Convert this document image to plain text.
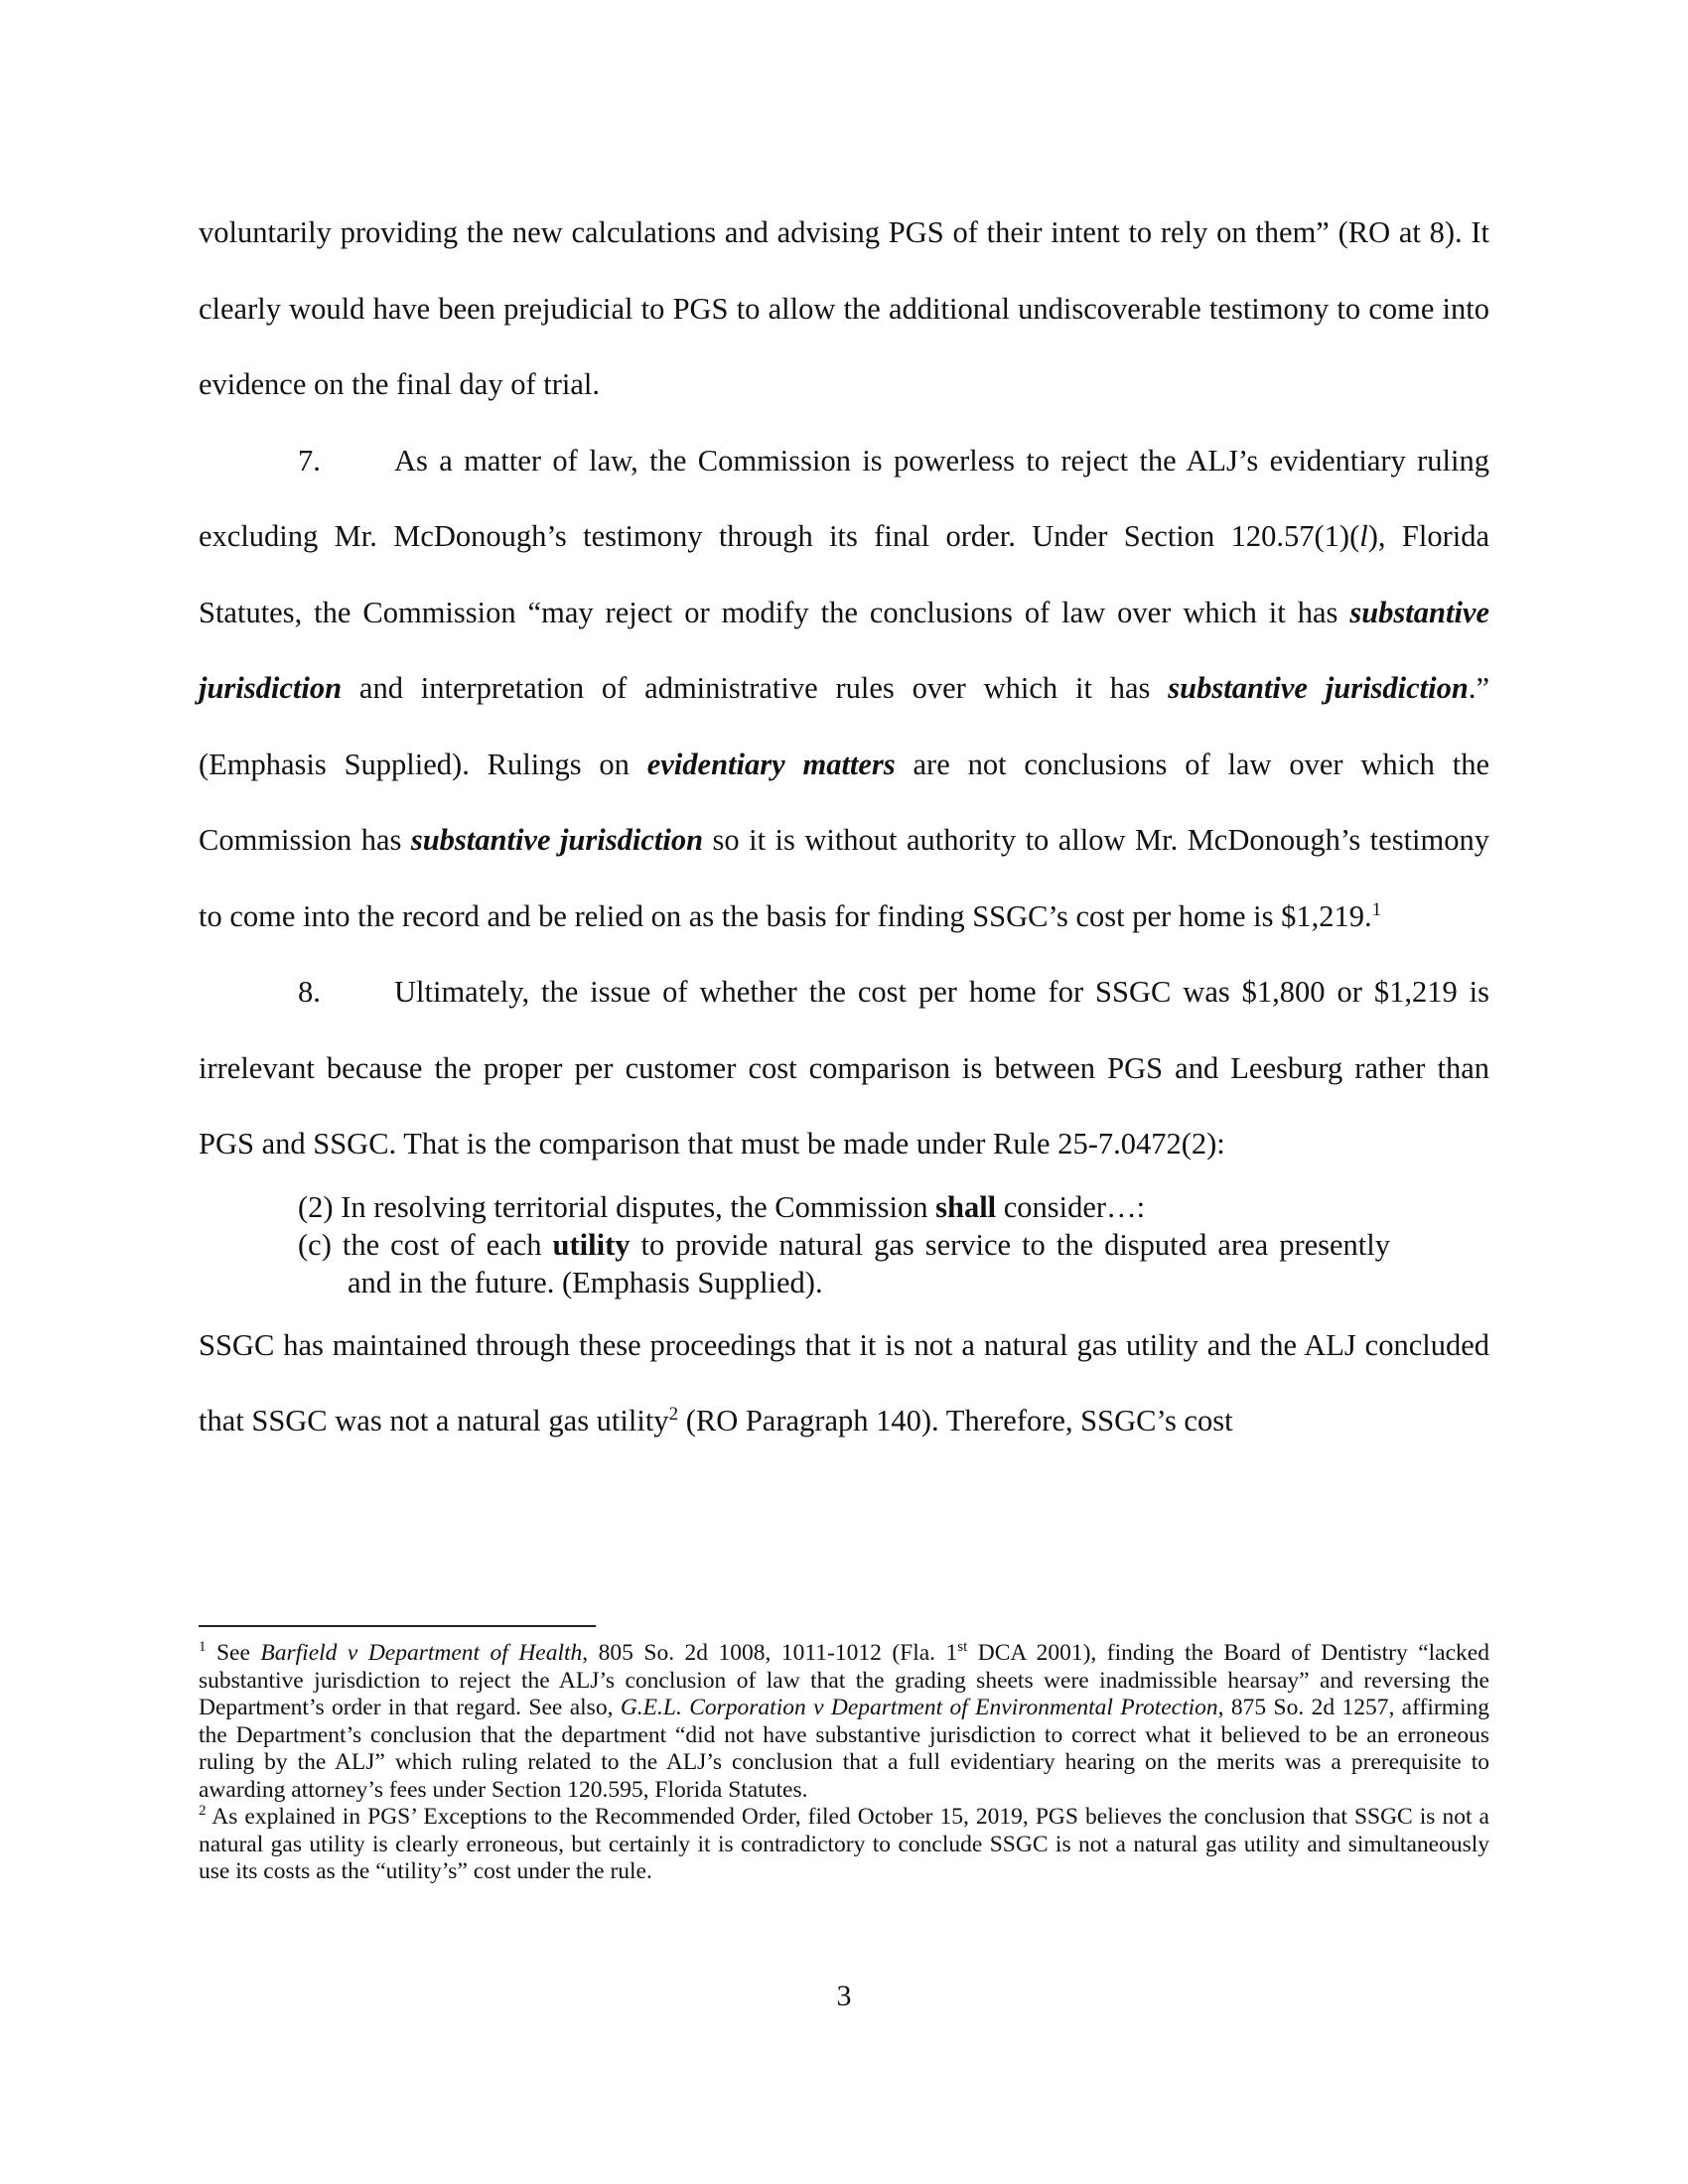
voluntarily providing the new calculations and advising PGS of their intent to rely on them” (RO at 8). It clearly would have been prejudicial to PGS to allow the additional undiscoverable testimony to come into evidence on the final day of trial.

7. As a matter of law, the Commission is powerless to reject the ALJ’s evidentiary ruling excluding Mr. McDonough’s testimony through its final order. Under Section 120.57(1)(l), Florida Statutes, the Commission “may reject or modify the conclusions of law over which it has substantive jurisdiction and interpretation of administrative rules over which it has substantive jurisdiction.” (Emphasis Supplied). Rulings on evidentiary matters are not conclusions of law over which the Commission has substantive jurisdiction so it is without authority to allow Mr. McDonough’s testimony to come into the record and be relied on as the basis for finding SSGC’s cost per home is $1,219.$^1$

8. Ultimately, the issue of whether the cost per home for SSGC was $1,800 or $1,219 is irrelevant because the proper per customer cost comparison is between PGS and Leesburg rather than PGS and SSGC. That is the comparison that must be made under Rule 25-7.0472(2):

(2) In resolving territorial disputes, the Commission shall consider…:
(c) the cost of each utility to provide natural gas service to the disputed area presently and in the future. (Emphasis Supplied).

SSGC has maintained through these proceedings that it is not a natural gas utility and the ALJ concluded that SSGC was not a natural gas utility$^2$ (RO Paragraph 140). Therefore, SSGC’s cost

$^1$ See Barfield v Department of Health, 805 So. 2d 1008, 1011-1012 (Fla. 1st DCA 2001), finding the Board of Dentistry “lacked substantive jurisdiction to reject the ALJ’s conclusion of law that the grading sheets were inadmissible hearsay” and reversing the Department’s order in that regard. See also, G.E.L. Corporation v Department of Environmental Protection, 875 So. 2d 1257, affirming the Department’s conclusion that the department “did not have substantive jurisdiction to correct what it believed to be an erroneous ruling by the ALJ” which ruling related to the ALJ’s conclusion that a full evidentiary hearing on the merits was a prerequisite to awarding attorney’s fees under Section 120.595, Florida Statutes.

$^2$ As explained in PGS’ Exceptions to the Recommended Order, filed October 15, 2019, PGS believes the conclusion that SSGC is not a natural gas utility is clearly erroneous, but certainly it is contradictory to conclude SSGC is not a natural gas utility and simultaneously use its costs as the “utility’s” cost under the rule.

3
